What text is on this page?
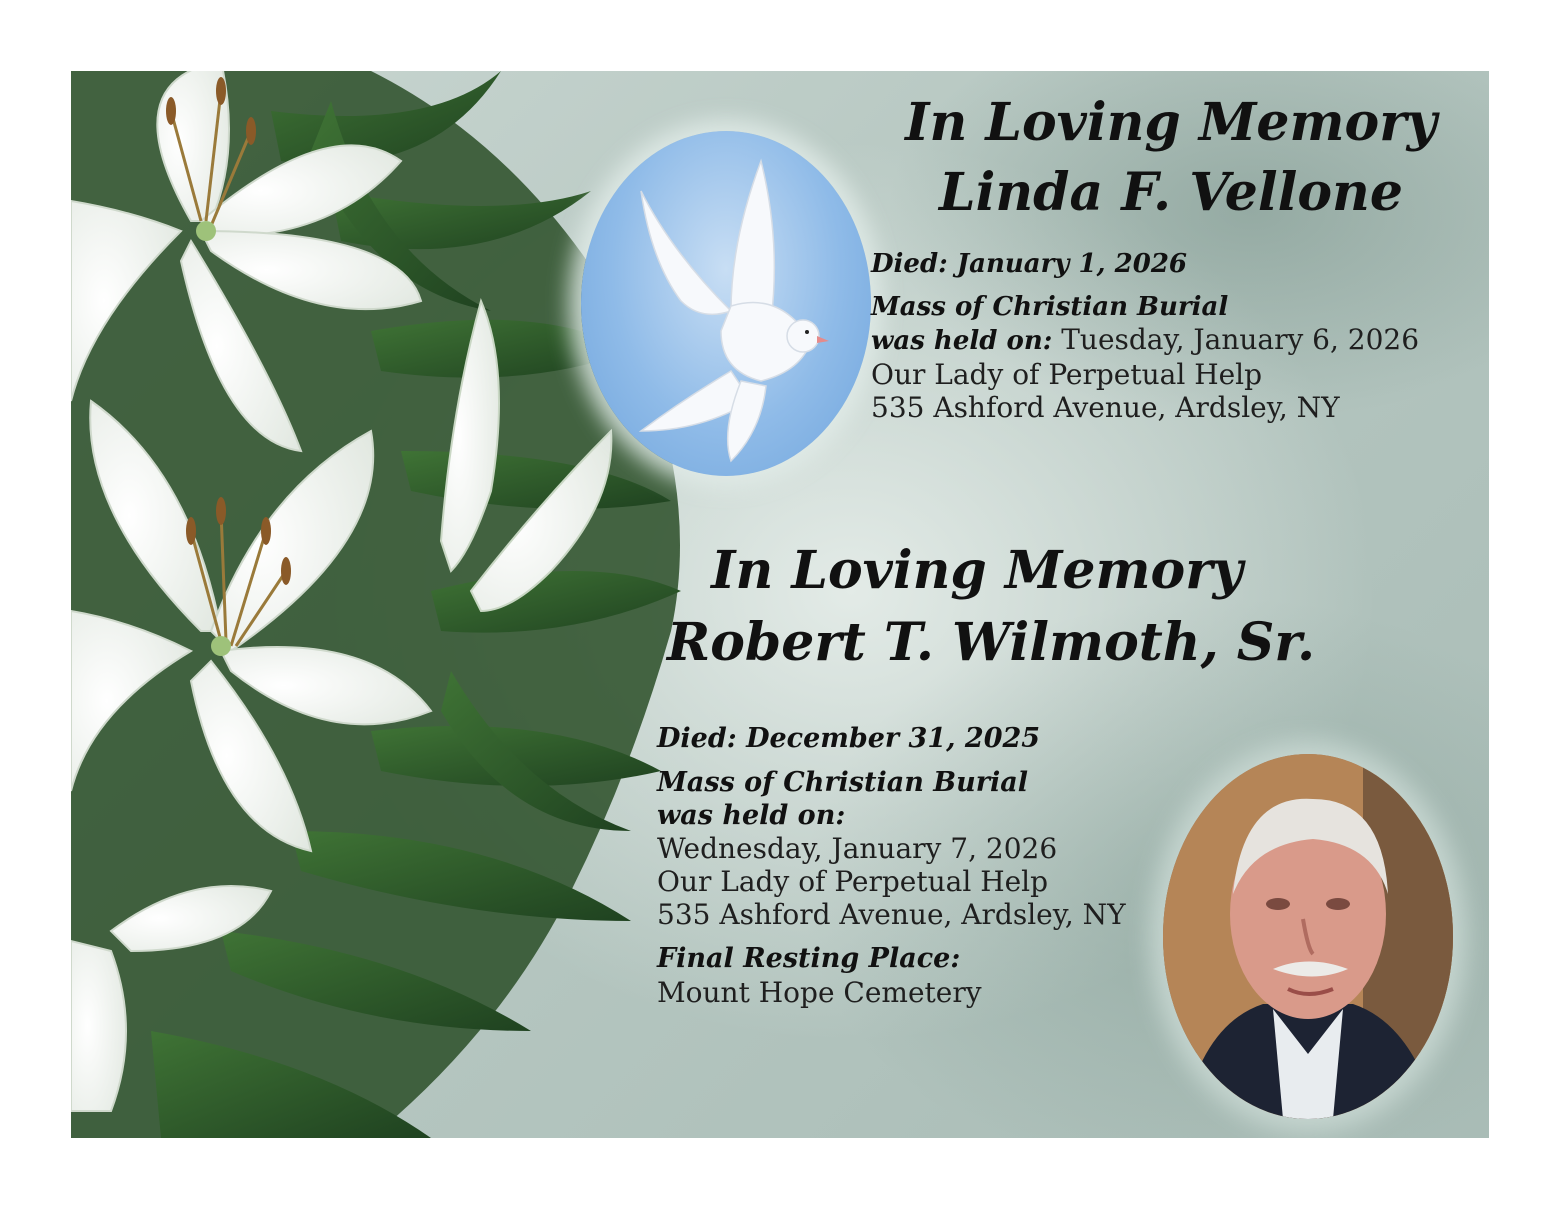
In Loving Memory

Linda F. Vellone

Died: January 1, 2026

Mass of Christian Burial

was held on: Tuesday, January 6, 2026

Our Lady of Perpetual Help

535 Ashford Avenue, Ardsley, NY

In Loving Memory

Robert T. Wilmoth, Sr.

Died: December 31, 2025

Mass of Christian Burial

was held on:

Wednesday, January 7, 2026

Our Lady of Perpetual Help

535 Ashford Avenue, Ardsley, NY

Final Resting Place:

Mount Hope Cemetery
